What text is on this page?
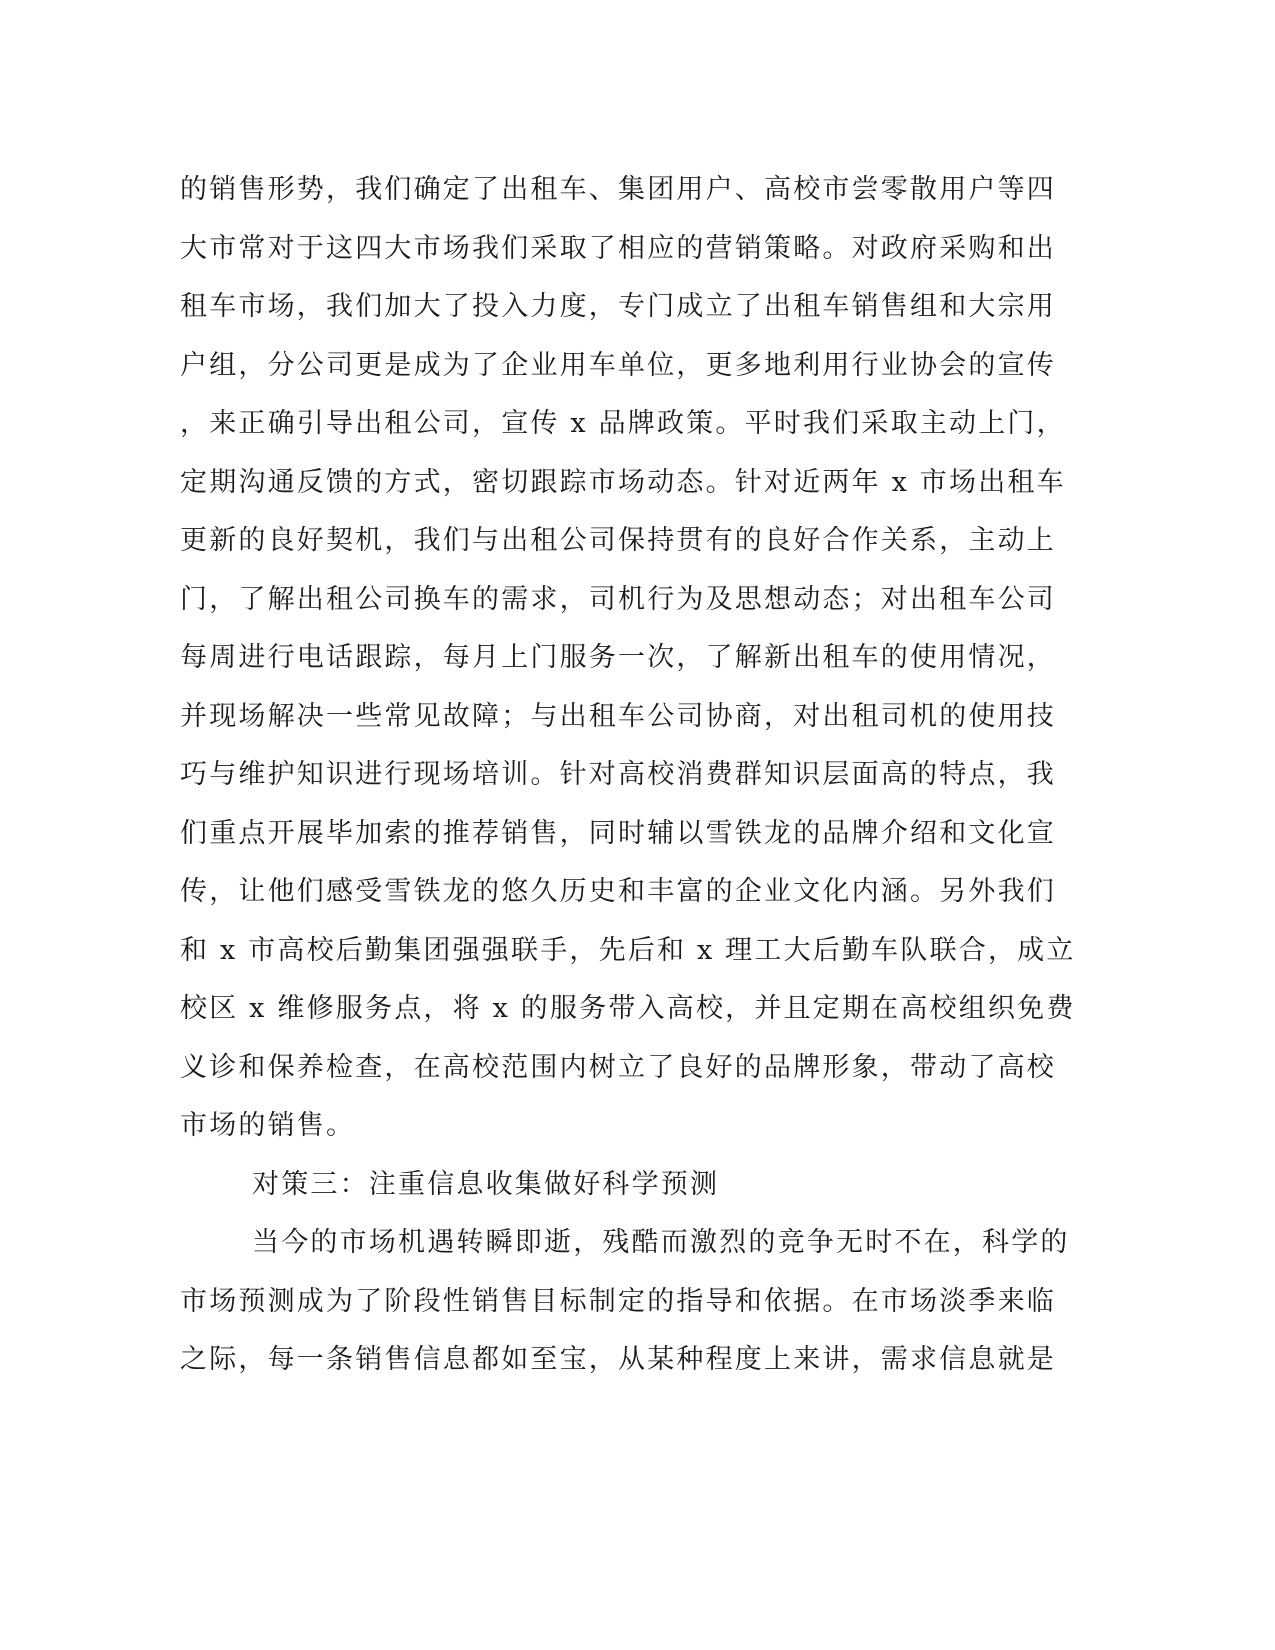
的销售形势，我们确定了出租车、集团用户、高校市尝零散用户等四
大市常对于这四大市场我们采取了相应的营销策略。对政府采购和出
租车市场，我们加大了投入力度，专门成立了出租车销售组和大宗用
户组，分公司更是成为了企业用车单位，更多地利用行业协会的宣传
，来正确引导出租公司，宣传 x 品牌政策。平时我们采取主动上门，
定期沟通反馈的方式，密切跟踪市场动态。针对近两年 x 市场出租车
更新的良好契机，我们与出租公司保持贯有的良好合作关系，主动上
门，了解出租公司换车的需求，司机行为及思想动态；对出租车公司
每周进行电话跟踪，每月上门服务一次，了解新出租车的使用情况，
并现场解决一些常见故障；与出租车公司协商，对出租司机的使用技
巧与维护知识进行现场培训。针对高校消费群知识层面高的特点，我
们重点开展毕加索的推荐销售，同时辅以雪铁龙的品牌介绍和文化宣
传，让他们感受雪铁龙的悠久历史和丰富的企业文化内涵。另外我们
和 x 市高校后勤集团强强联手，先后和 x 理工大后勤车队联合，成立
校区 x 维修服务点，将 x 的服务带入高校，并且定期在高校组织免费
义诊和保养检查，在高校范围内树立了良好的品牌形象，带动了高校
市场的销售。
对策三：注重信息收集做好科学预测
当今的市场机遇转瞬即逝，残酷而激烈的竞争无时不在，科学的
市场预测成为了阶段性销售目标制定的指导和依据。在市场淡季来临
之际，每一条销售信息都如至宝，从某种程度上来讲，需求信息就是
